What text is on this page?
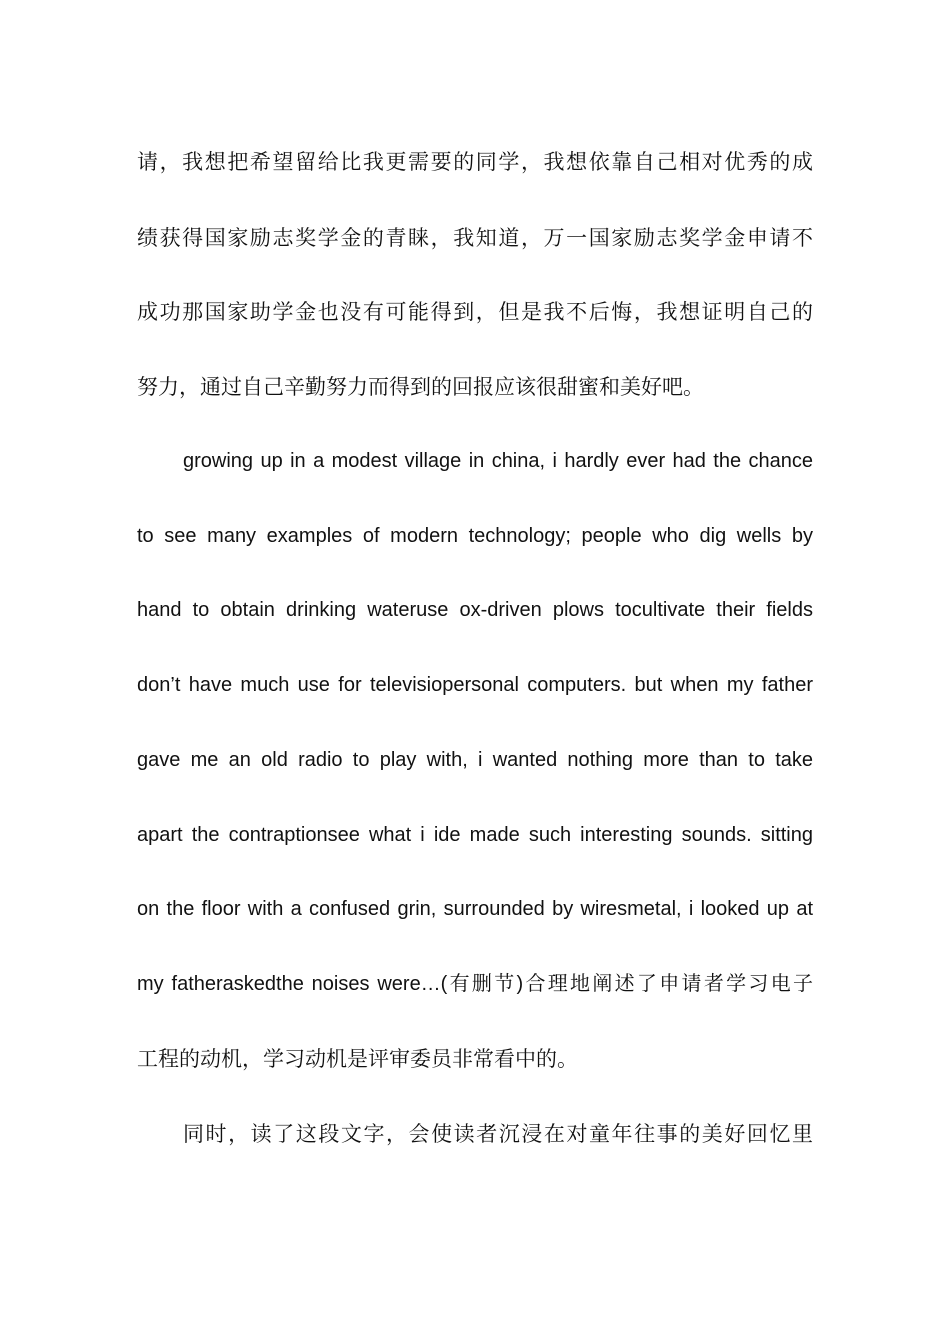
请，我想把希望留给比我更需要的同学，我想依靠自己相对优秀的成

绩获得国家励志奖学金的青睐，我知道，万一国家励志奖学金申请不

成功那国家助学金也没有可能得到，但是我不后悔，我想证明自己的

努力，通过自己辛勤努力而得到的回报应该很甜蜜和美好吧。

growing up in a modest village in china, i hardly ever had the chance

to see many examples of modern technology; people who dig wells by

hand to obtain drinking wateruse ox-driven plows tocultivate their fields

don’t have much use for televisiopersonal computers. but when my father

gave me an old radio to play with, i wanted nothing more than to take

apart the contraptionsee what i ide made such interesting sounds. sitting

on the floor with a confused grin, surrounded by wiresmetal, i looked up at

my fatheraskedthe noises were…(有删节)合理地阐述了申请者学习电子

工程的动机，学习动机是评审委员非常看中的。

同时，读了这段文字，会使读者沉浸在对童年往事的美好回忆里
